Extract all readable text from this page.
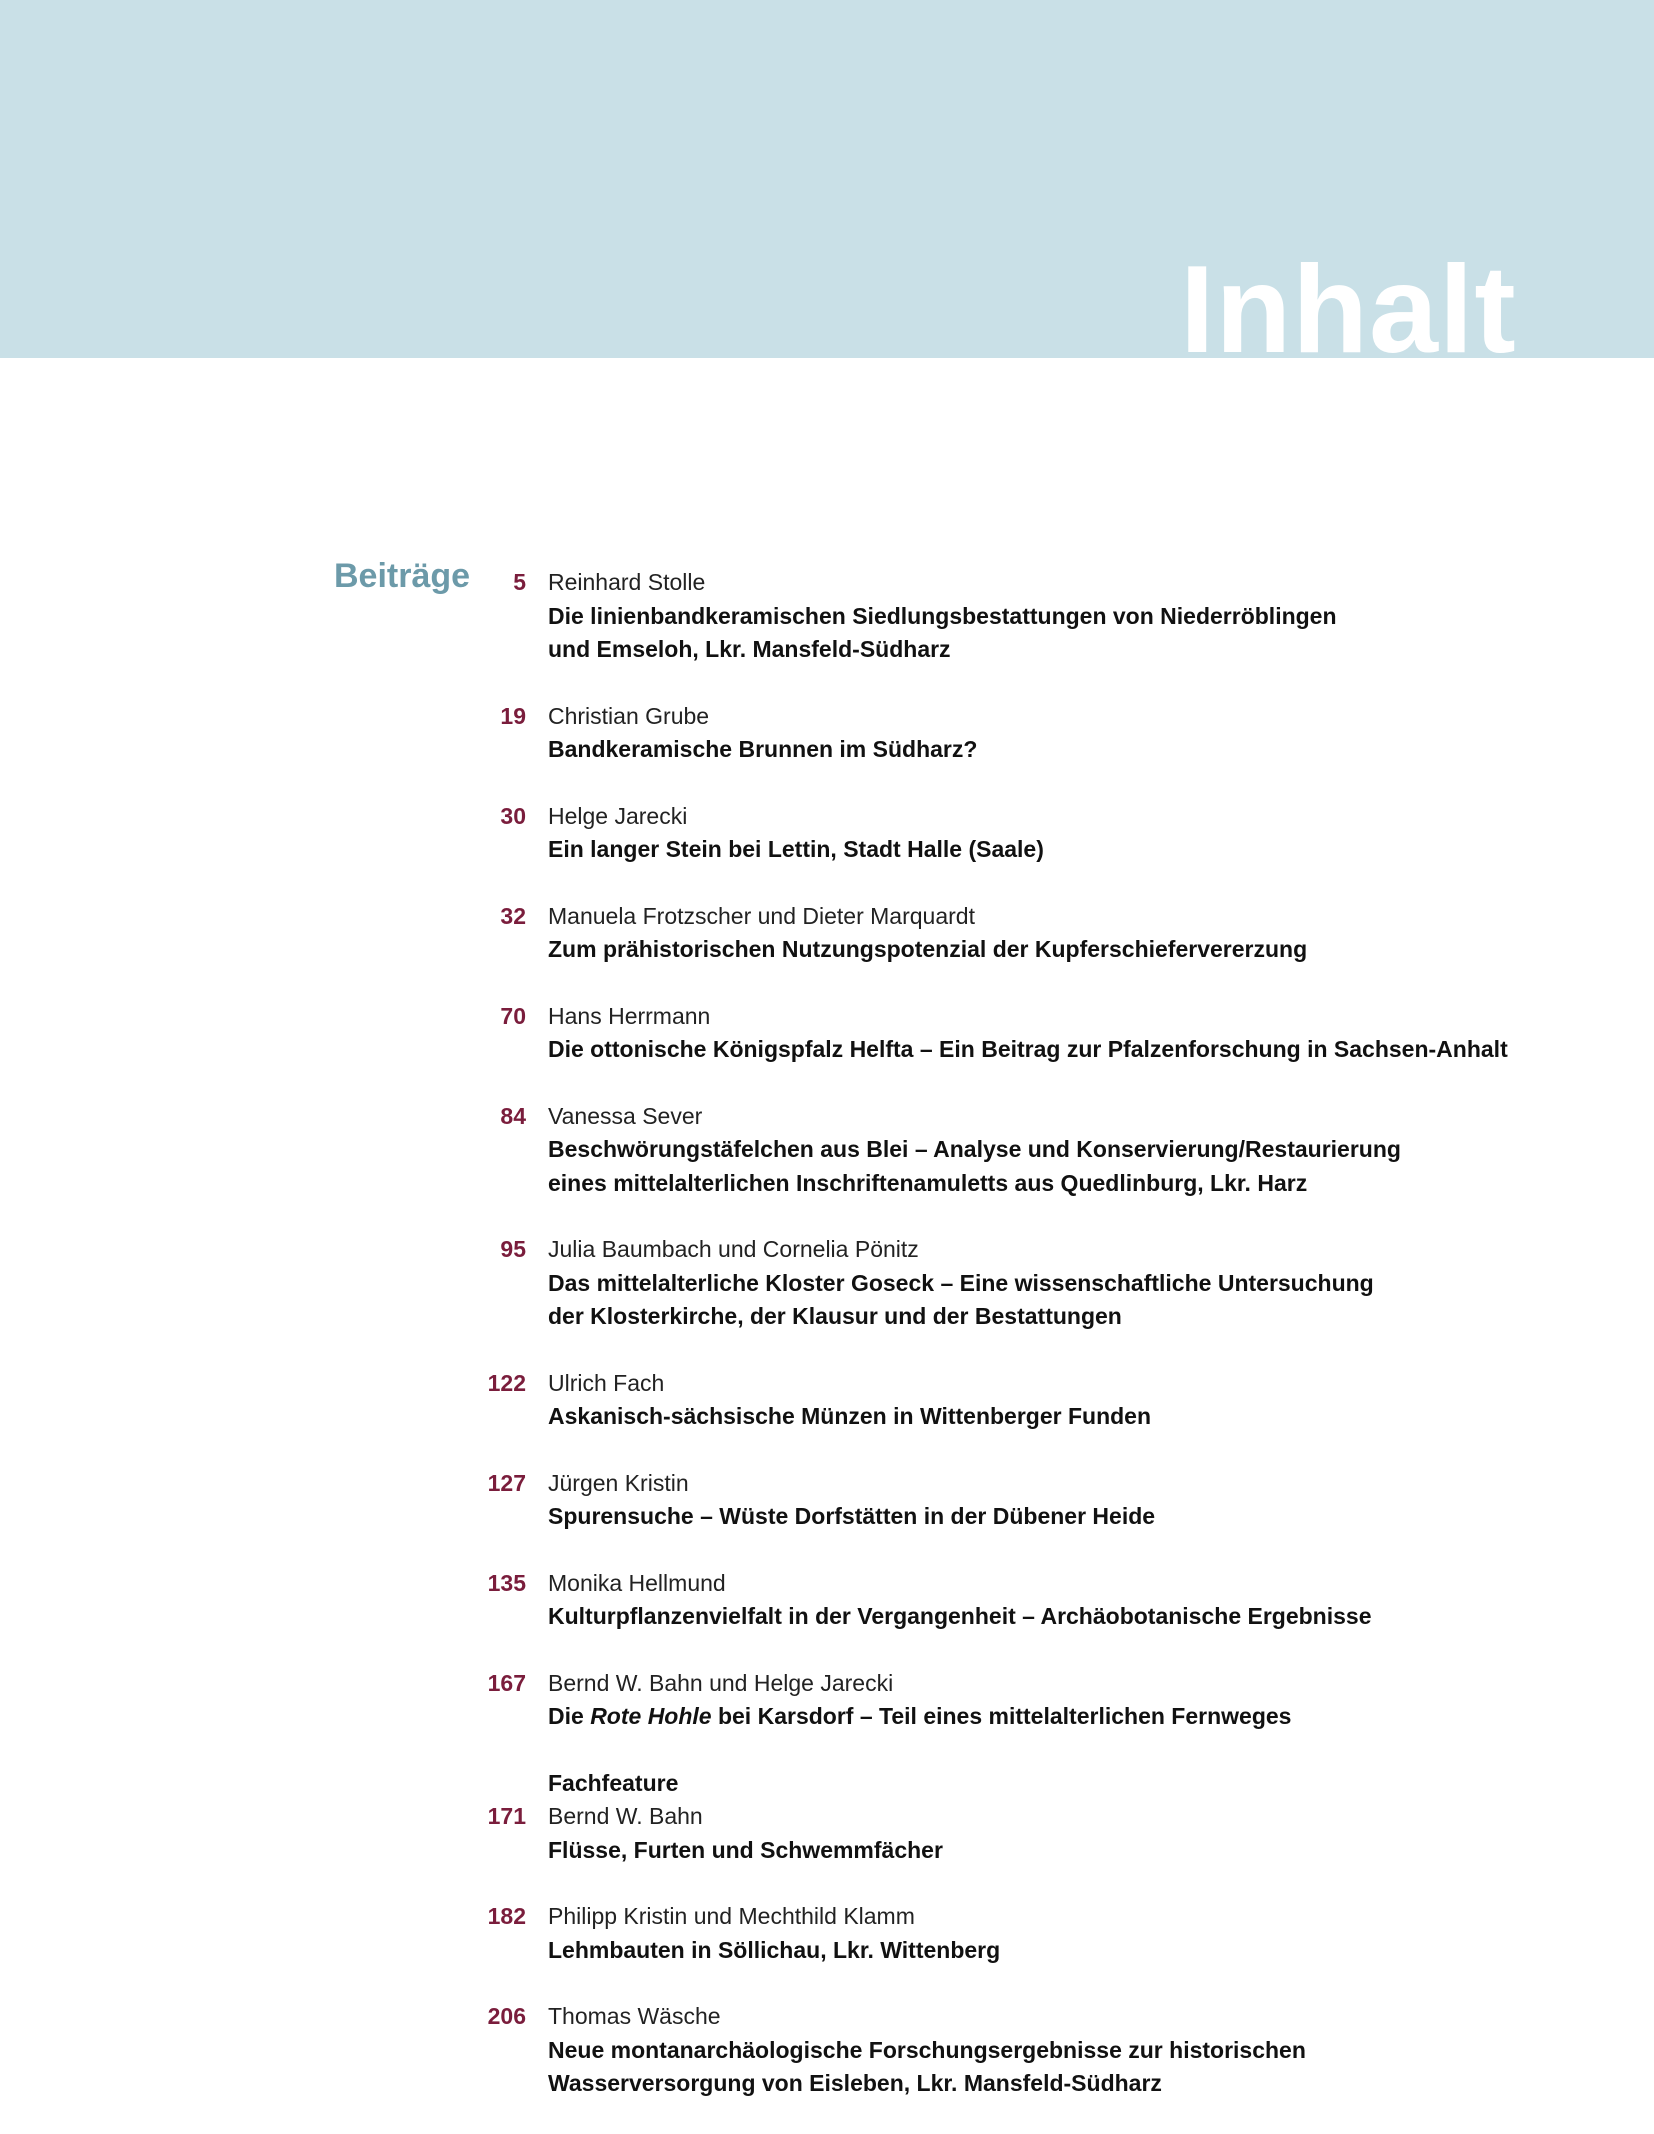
Inhalt
Beiträge	5 Reinhard Stolle
Die linienbandkeramischen Siedlungsbestattungen von Niederröblingen
und Emseloh, Lkr. Mansfeld-Südharz
19 Christian Grube
Bandkeramische Brunnen im Südharz?
30 Helge Jarecki
Ein langer Stein bei Lettin, Stadt Halle (Saale)
32 Manuela Frotzscher und Dieter Marquardt
Zum prähistorischen Nutzungspotenzial der Kupferschiefervererzung
70 Hans Herrmann
Die ottonische Königspfalz Helfta – Ein Beitrag zur Pfalzenforschung in Sachsen-Anhalt
84 Vanessa Sever
Beschwörungstäfelchen aus Blei – Analyse und Konservierung/Restaurierung
eines mittelalterlichen Inschriftenamuletts aus Quedlinburg, Lkr. Harz
95 Julia Baumbach und Cornelia Pönitz
Das mittelalterliche Kloster Goseck – Eine wissenschaftliche Untersuchung
der Klosterkirche, der Klausur und der Bestattungen
122 Ulrich Fach
Askanisch-sächsische Münzen in Wittenberger Funden
127 Jürgen Kristin
Spurensuche – Wüste Dorfstätten in der Dübener Heide
135 Monika Hellmund
Kulturpflanzenvielfalt in der Vergangenheit – Archäobotanische Ergebnisse
167 Bernd W. Bahn und Helge Jarecki
Die Rote Hohle bei Karsdorf – Teil eines mittelalterlichen Fernweges
171
Fachfeature
Bernd W. Bahn
Flüsse, Furten und Schwemmfächer
182 Philipp Kristin und Mechthild Klamm
Lehmbauten in Söllichau, Lkr. Wittenberg
206 Thomas Wäsche
Neue montanarchäologische Forschungsergebnisse zur historischen
Wasserversorgung von Eisleben, Lkr. Mansfeld-Südharz
